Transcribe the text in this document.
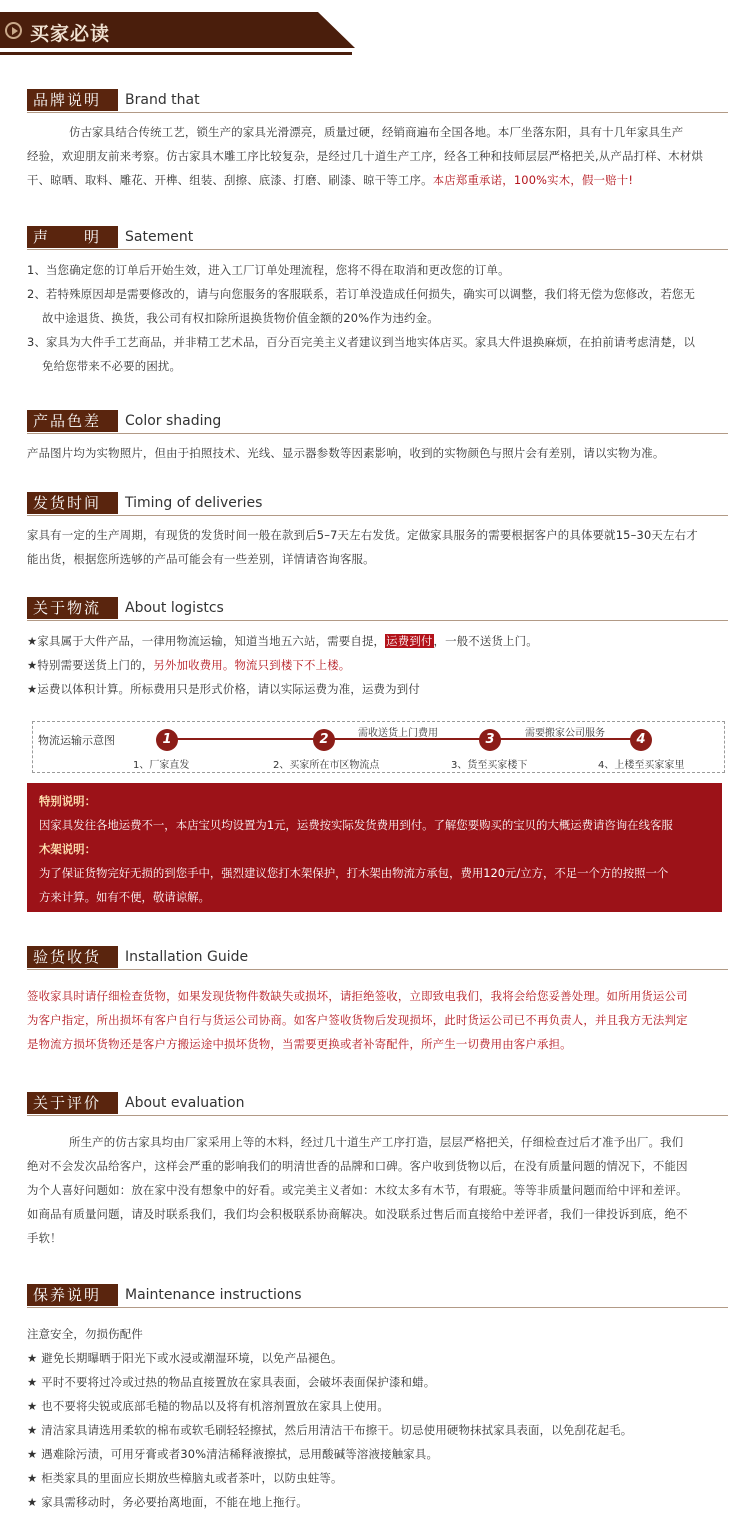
买家必读
品牌说明	Brand that
仿古家具结合传统工艺，锁生产的家具光滑漂亮，质量过硬，经销商遍布全国各地。本厂坐落东阳，具有十几年家具生产
经验，欢迎朋友前来考察。仿古家具木雕工序比较复杂，是经过几十道生产工序，经各工种和技师层层严格把关,从产品打样、木材烘
干、晾晒、取料、雕花、开榫、组装、刮擦、底漆、打磨、刷漆、晾干等工序。本店郑重承诺，100%实木，假一赔十!
声　　明	Satement
1、当您确定您的订单后开始生效，进入工厂订单处理流程，您将不得在取消和更改您的订单。
2、若特殊原因却是需要修改的，请与向您服务的客服联系，若订单没造成任何损失，确实可以调整，我们将无偿为您修改，若您无
故中途退货、换货，我公司有权扣除所退换货物价值金额的20%作为违约金。
3、家具为大件手工艺商品，并非精工艺术品，百分百完美主义者建议到当地实体店买。家具大件退换麻烦，在拍前请考虑清楚，以
免给您带来不必要的困扰。
产品色差	Color shading
产品图片均为实物照片，但由于拍照技术、光线、显示器参数等因素影响，收到的实物颜色与照片会有差别，请以实物为准。
发货时间	Timing of deliveries
家具有一定的生产周期，有现货的发货时间一般在款到后5–7天左右发货。定做家具服务的需要根据客户的具体要就15–30天左右才
能出货，根据您所选够的产品可能会有一些差别，详情请咨询客服。
关于物流	About logistcs
★家具属于大件产品，一律用物流运输，知道当地五六站，需要自提，运费到付，一般不送货上门。
★特别需要送货上门的，另外加收费用。物流只到楼下不上楼。
★运费以体积计算。所标费用只是形式价格，请以实际运费为准，运费为到付
物流运输示意图
需收送货上门费用	需要搬家公司服务
1	2	3	4
1、厂家直发	2、买家所在市区物流点	3、货至买家楼下	4、上楼至买家家里
特别说明：
因家具发往各地运费不一，本店宝贝均设置为1元，运费按实际发货费用到付。了解您要购买的宝贝的大概运费请咨询在线客服
木架说明：
为了保证货物完好无损的到您手中，强烈建议您打木架保护，打木架由物流方承包，费用120元/立方，不足一个方的按照一个
方来计算。如有不便，敬请谅解。
验货收货	Installation Guide
签收家具时请仔细检查货物，如果发现货物件数缺失或损坏，请拒绝签收，立即致电我们，我将会给您妥善处理。如所用货运公司
为客户指定，所出损坏有客户自行与货运公司协商。如客户签收货物后发现损坏，此时货运公司已不再负责人，并且我方无法判定
是物流方损坏货物还是客户方搬运途中损坏货物，当需要更换或者补寄配件，所产生一切费用由客户承担。
关于评价	About evaluation
所生产的仿古家具均由厂家采用上等的木料，经过几十道生产工序打造，层层严格把关，仔细检查过后才准予出厂。我们
绝对不会发次品给客户，这样会严重的影响我们的明清世香的品牌和口碑。客户收到货物以后，在没有质量问题的情况下，不能因
为个人喜好问题如：放在家中没有想象中的好看。或完美主义者如：木纹太多有木节，有瑕疵。等等非质量问题而给中评和差评。
如商品有质量问题，请及时联系我们，我们均会积极联系协商解决。如没联系过售后而直接给中差评者，我们一律投诉到底，绝不
手软！
保养说明	Maintenance instructions
注意安全，勿损伤配件
★ 避免长期曝晒于阳光下或水浸或潮湿环境，以免产品褪色。
★ 平时不要将过冷或过热的物品直接置放在家具表面，会破坏表面保护漆和蜡。
★ 也不要将尖锐或底部毛糙的物品以及将有机溶剂置放在家具上使用。
★ 清洁家具请选用柔软的棉布或软毛刷轻轻擦拭，然后用清洁干布擦干。切忌使用硬物抹拭家具表面，以免刮花起毛。
★ 遇难除污渍，可用牙膏或者30%清洁稀释液擦拭，忌用酸碱等溶液接触家具。
★ 柜类家具的里面应长期放些樟脑丸或者茶叶，以防虫蛀等。
★ 家具需移动时，务必要抬离地面，不能在地上拖行。
